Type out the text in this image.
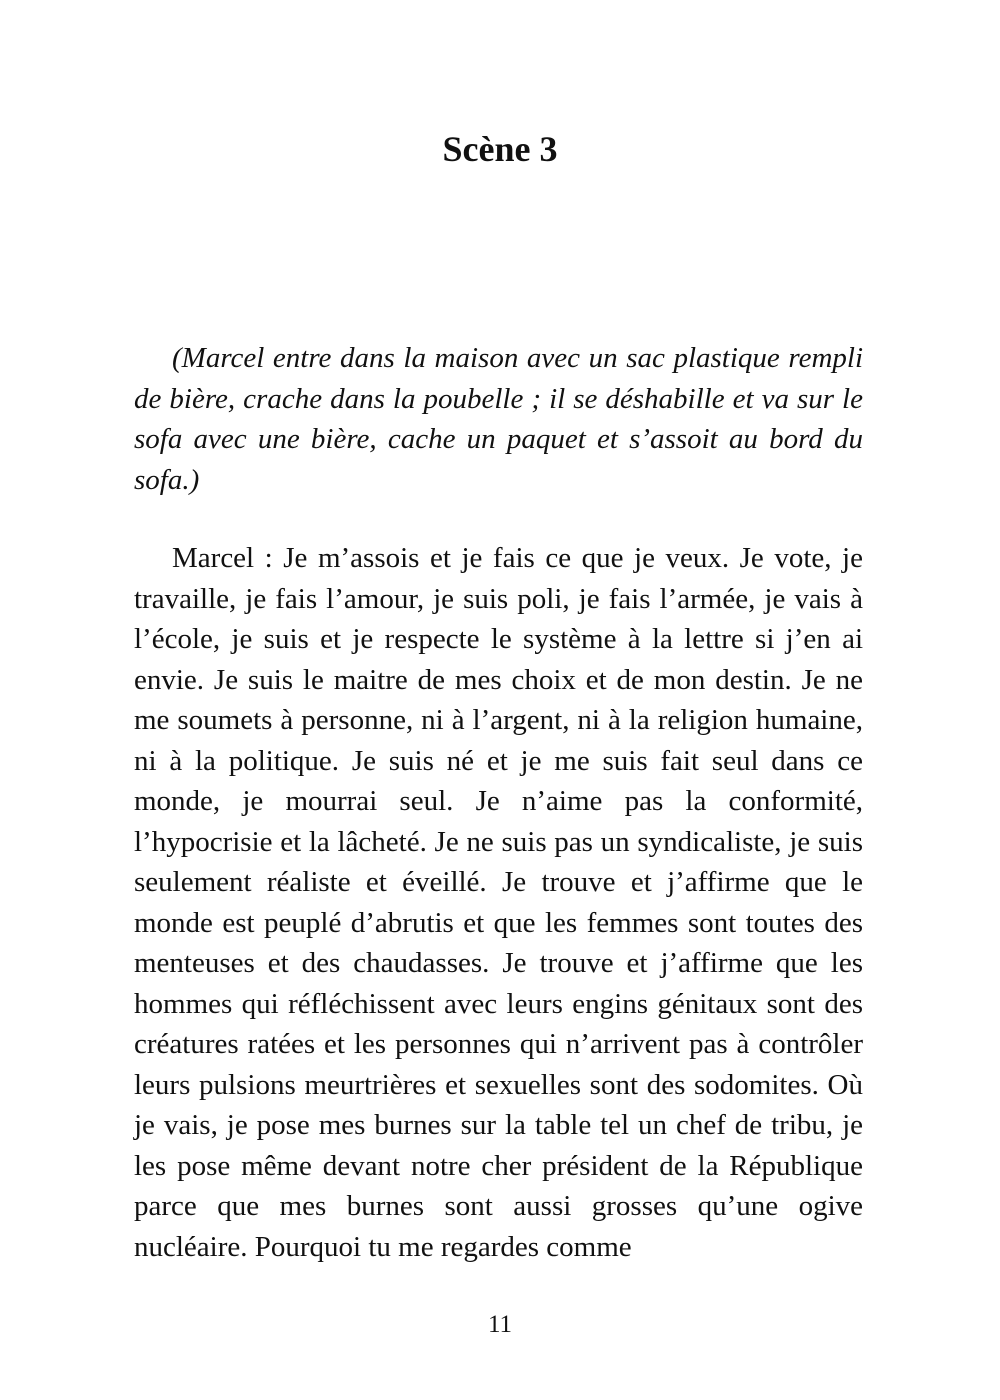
Scène 3

(Marcel entre dans la maison avec un sac plastique rempli de bière, crache dans la poubelle ; il se déshabille et va sur le sofa avec une bière, cache un paquet et s’assoit au bord du sofa.)

Marcel : Je m’assois et je fais ce que je veux. Je vote, je travaille, je fais l’amour, je suis poli, je fais l’armée, je vais à l’école, je suis et je respecte le système à la lettre si j’en ai envie. Je suis le maitre de mes choix et de mon destin. Je ne me soumets à personne, ni à l’argent, ni à la religion humaine, ni à la politique. Je suis né et je me suis fait seul dans ce monde, je mourrai seul. Je n’aime pas la conformité, l’hypocrisie et la lâcheté. Je ne suis pas un syndicaliste, je suis seulement réaliste et éveillé. Je trouve et j’affirme que le monde est peuplé d’abrutis et que les femmes sont toutes des menteuses et des chaudasses. Je trouve et j’affirme que les hommes qui réfléchissent avec leurs engins génitaux sont des créatures ratées et les personnes qui n’arrivent pas à contrôler leurs pulsions meurtrières et sexuelles sont des sodomites. Où je vais, je pose mes burnes sur la table tel un chef de tribu, je les pose même devant notre cher président de la République parce que mes burnes sont aussi grosses qu’une ogive nucléaire. Pourquoi tu me regardes comme

11
